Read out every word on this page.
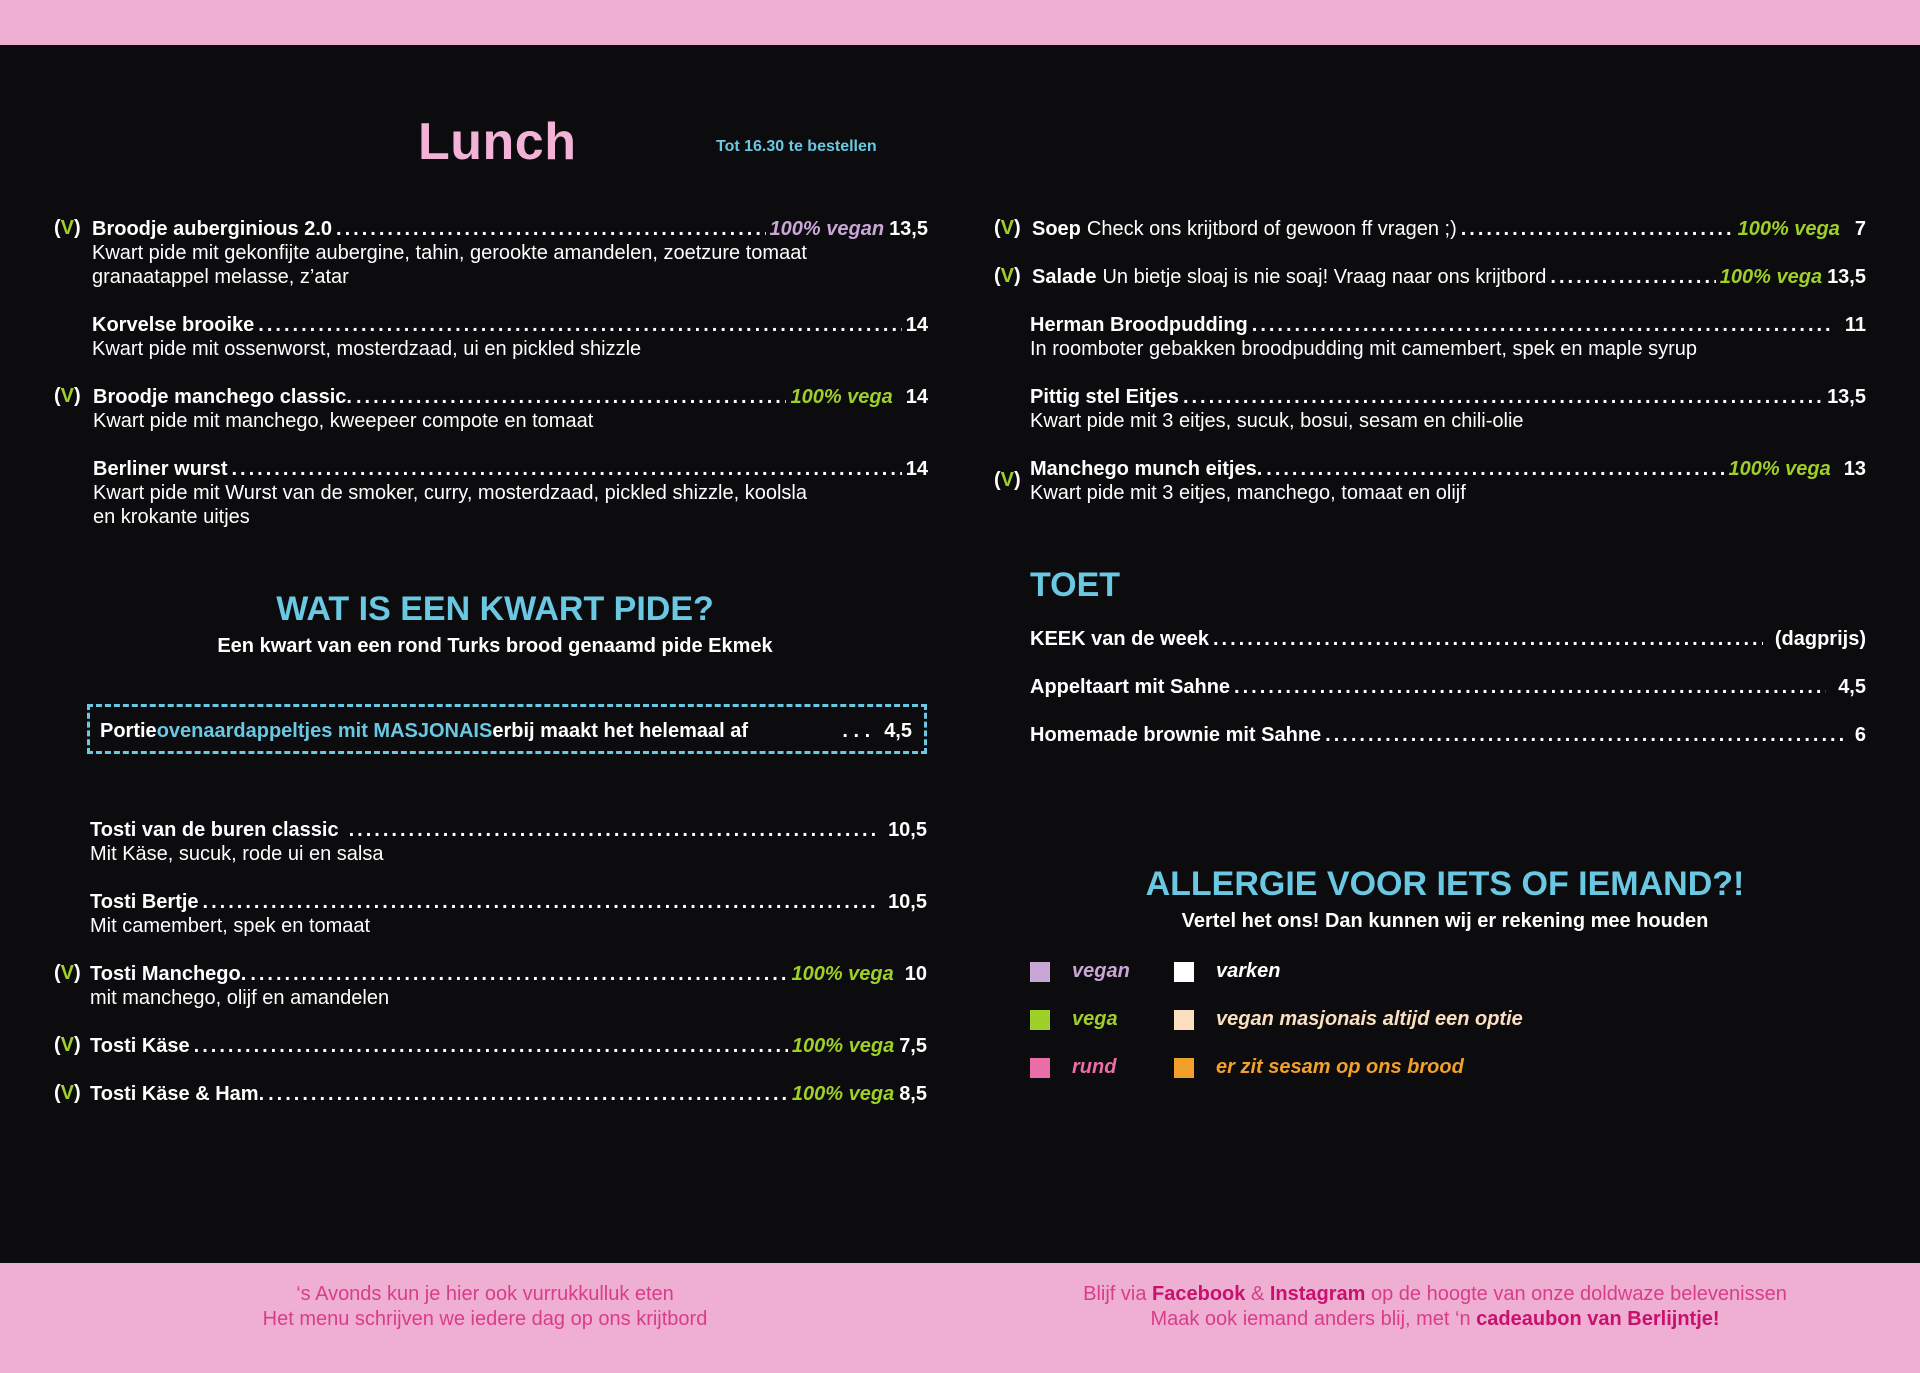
Lunch	Tot 16.30 te bestellen
(V) Broodje auberginious 2.0 .....	100% vegan 13,5
Kwart pide mit gekonfijte aubergine, tahin, gerookte amandelen, zoetzure tomaat
granaatappel melasse, z’atar
Korvelse brooike .....	14
Kwart pide mit ossenworst, mosterdzaad, ui en pickled shizzle
(V) Broodje manchego classic. .....	100% vega 14
Kwart pide mit manchego, kweepeer compote en tomaat
Berliner wurst .....	14
Kwart pide mit Wurst van de smoker, curry, mosterdzaad, pickled shizzle, koolsla
en krokante uitjes
WAT IS EEN KWART PIDE?
Een kwart van een rond Turks brood genaamd pide Ekmek
Portie ovenaardappeltjes mit MASJONAIS erbij maakt het helemaal af	. . . 4,5
Tosti van de buren classic .....	10,5
Mit Käse, sucuk, rode ui en salsa
Tosti Bertje .....	10,5
Mit camembert, spek en tomaat
(V) Tosti Manchego. .....	100% vega 10
mit manchego, olijf en amandelen
(V) Tosti Käse .....	100% vega 7,5
(V) Tosti Käse & Ham. .....	100% vega 8,5
(V) Soep Check ons krijtbord of gewoon ff vragen ;) .....	100% vega 7
(V) Salade Un bietje sloaj is nie soaj! Vraag naar ons krijtbord .....	100% vega 13,5
Herman Broodpudding .....	11
In roomboter gebakken broodpudding mit camembert, spek en maple syrup
Pittig stel Eitjes .....	13,5
Kwart pide mit 3 eitjes, sucuk, bosui, sesam en chili-olie
(V) Manchego munch eitjes. .....	100% vega 13
Kwart pide mit 3 eitjes, manchego, tomaat en olijf
TOET
KEEK van de week .....	(dagprijs)
Appeltaart mit Sahne .....	4,5
Homemade brownie mit Sahne .....	6
ALLERGIE VOOR IETS OF IEMAND?!
Vertel het ons! Dan kunnen wij er rekening mee houden
vegan	varken
vega	vegan masjonais altijd een optie
rund	er zit sesam op ons brood
‘s Avonds kun je hier ook vurrukkulluk eten
Het menu schrijven we iedere dag op ons krijtbord
Blijf via Facebook & Instagram op de hoogte van onze doldwaze belevenissen
Maak ook iemand anders blij, met ‘n cadeaubon van Berlijntje!
